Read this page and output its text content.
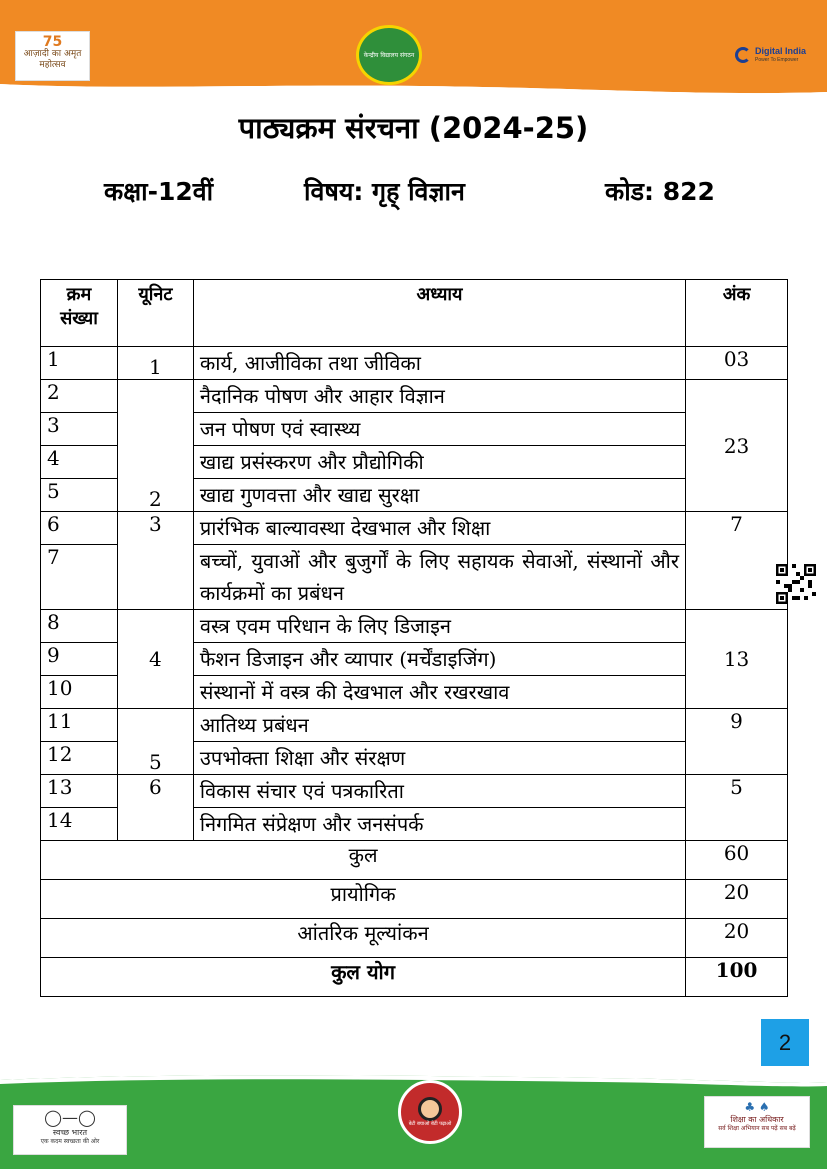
75
आज़ादी का अमृत महोत्सव
केन्द्रीय विद्यालय संगठन	Digital India
Power To Empower
पाठ्यक्रम संरचना (2024-25)
कक्षा-12वीं	विषय: गृह् विज्ञान	कोड: 822
क्रम संख्या	यूनिट	अध्याय	अंक
1	1	कार्य, आजीविका तथा जीविका	03
2	2	नैदानिक पोषण और आहार विज्ञान	23
3		जन पोषण एवं स्वास्थ्य	
4		खाद्य प्रसंस्करण और प्रौद्योगिकी	
5		खाद्य गुणवत्ता और खाद्य सुरक्षा	
6	3	प्रारंभिक बाल्यावस्था देखभाल और शिक्षा	7
7		बच्चों, युवाओं और बुजुर्गों के लिए सहायक सेवाओं, संस्थानों और कार्यक्रमों का प्रबंधन	
8	4	वस्त्र एवम परिधान के लिए डिजाइन	13
9		फैशन डिजाइन और व्यापार (मर्चेंडाइजिंग)	
10		संस्थानों में वस्त्र की देखभाल और रखरखाव	
11	5	आतिथ्य प्रबंधन	9
12		उपभोक्ता शिक्षा और संरक्षण	
13	6	विकास संचार एवं पत्रकारिता	5
14		निगमित संप्रेक्षण और जनसंपर्क	
कुल			60
प्रायोगिक			20
आंतरिक मूल्यांकन			20
कुल योग			100
2
◯—◯
स्वच्छ भारत
एक कदम स्वच्छता की ओर
बेटी बचाओ बेटी पढ़ाओ
♣ ♠
शिक्षा का अधिकार
सर्व शिक्षा अभियान सब पढ़ें सब बढ़ें
